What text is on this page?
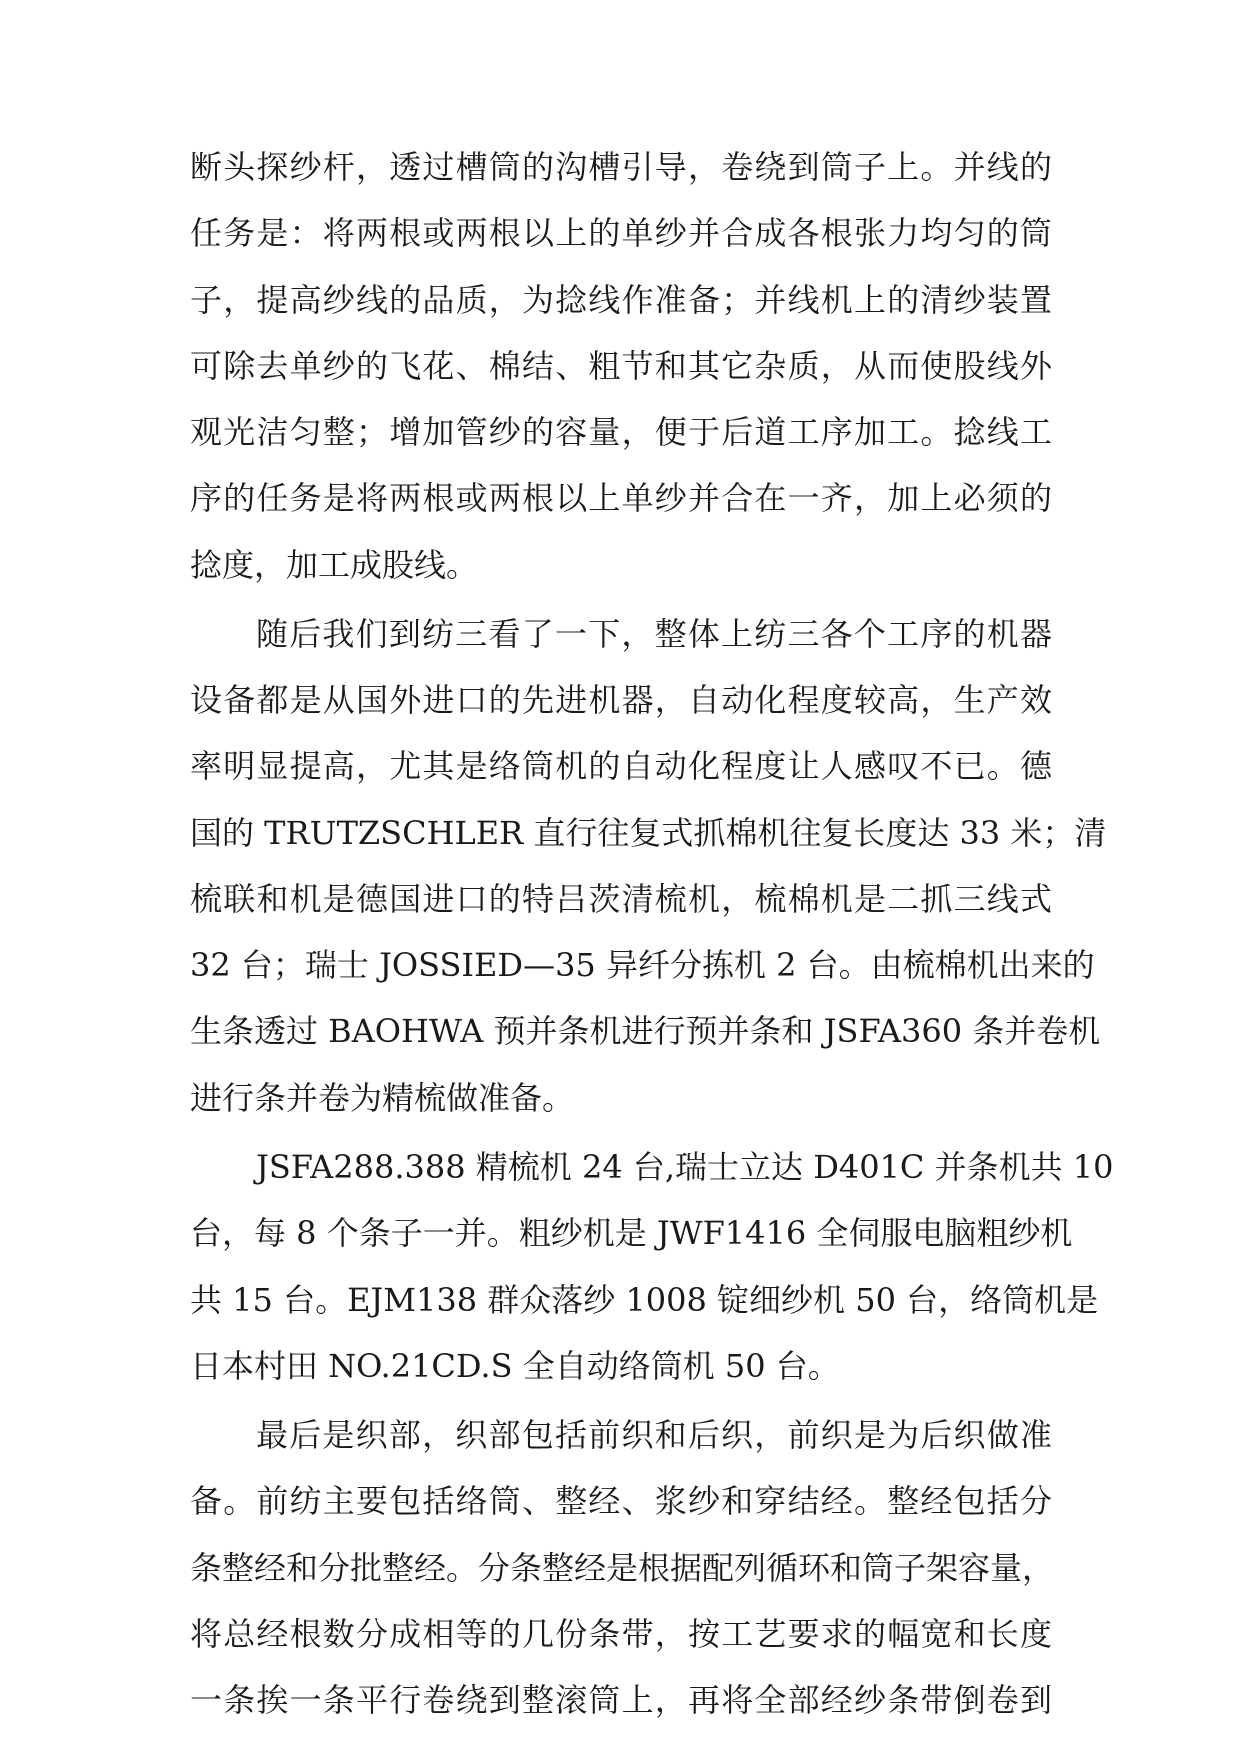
断头探纱杆，透过槽筒的沟槽引导，卷绕到筒子上。并线的
任务是：将两根或两根以上的单纱并合成各根张力均匀的筒
子，提高纱线的品质，为捻线作准备；并线机上的清纱装置
可除去单纱的飞花、棉结、粗节和其它杂质，从而使股线外
观光洁匀整；增加管纱的容量，便于后道工序加工。捻线工
序的任务是将两根或两根以上单纱并合在一齐，加上必须的
捻度，加工成股线。
随后我们到纺三看了一下，整体上纺三各个工序的机器
设备都是从国外进口的先进机器，自动化程度较高，生产效
率明显提高，尤其是络筒机的自动化程度让人感叹不已。德
国的 TRUTZSCHLER 直行往复式抓棉机往复长度达 33 米；清
梳联和机是德国进口的特吕茨清梳机，梳棉机是二抓三线式
32 台；瑞士 JOSSIED—35 异纤分拣机 2 台。由梳棉机出来的
生条透过 BAOHWA 预并条机进行预并条和 JSFA360 条并卷机
进行条并卷为精梳做准备。
JSFA288.388 精梳机 24 台,瑞士立达 D401C 并条机共 10
台，每 8 个条子一并。粗纱机是 JWF1416 全伺服电脑粗纱机
共 15 台。EJM138 群众落纱 1008 锭细纱机 50 台，络筒机是
日本村田 NO.21CD.S 全自动络筒机 50 台。
最后是织部，织部包括前织和后织，前织是为后织做准
备。前纺主要包括络筒、整经、浆纱和穿结经。整经包括分
条整经和分批整经。分条整经是根据配列循环和筒子架容量，
将总经根数分成相等的几份条带，按工艺要求的幅宽和长度
一条挨一条平行卷绕到整滚筒上，再将全部经纱条带倒卷到
